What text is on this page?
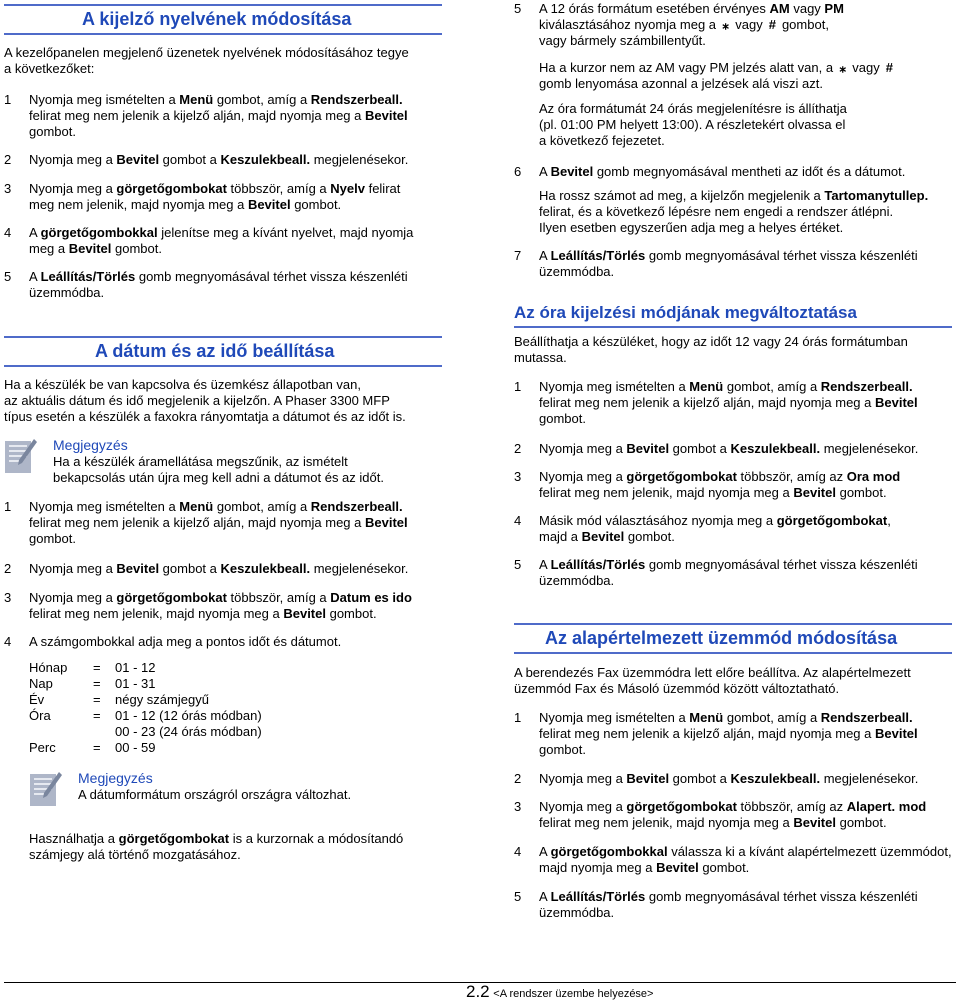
A kijelző nyelvének módosítása

A kezelőpanelen megjelenő üzenetek nyelvének módosításához tegye

a következőket:

1 Nyomja meg ismételten a Menü gombot, amíg a Rendszerbeall.
felirat meg nem jelenik a kijelző alján, majd nyomja meg a Bevitel
gombot.
2 Nyomja meg a Bevitel gombot a Keszulekbeall. megjelenésekor.
3 Nyomja meg a görgetőgombokat többször, amíg a Nyelv felirat
meg nem jelenik, majd nyomja meg a Bevitel gombot.
4 A görgetőgombokkal jelenítse meg a kívánt nyelvet, majd nyomja
meg a Bevitel gombot.
5 A Leállítás/Törlés gomb megnyomásával térhet vissza készenléti
üzemmódba.
A dátum és az idő beállítása

Ha a készülék be van kapcsolva és üzemkész állapotban van,

az aktuális dátum és idő megjelenik a kijelzőn. A Phaser 3300 MFP

típus esetén a készülék a faxokra rányomtatja a dátumot és az időt is.

Megjegyzés
Ha a készülék áramellátása megszűnik, az ismételt
bekapcsolás után újra meg kell adni a dátumot és az időt.
1 Nyomja meg ismételten a Menü gombot, amíg a Rendszerbeall.
felirat meg nem jelenik a kijelző alján, majd nyomja meg a Bevitel
gombot.
2 Nyomja meg a Bevitel gombot a Keszulekbeall. megjelenésekor.
3 Nyomja meg a görgetőgombokat többször, amíg a Datum es ido
felirat meg nem jelenik, majd nyomja meg a Bevitel gombot.
4 A számgombokkal adja meg a pontos időt és dátumot.
Hónap	=	01 - 12
Nap	=	01 - 31
Év	=	négy számjegyű
Óra	=	01 - 12 (12 órás módban)
		00 - 23 (24 órás módban)
Perc	=	00 - 59
Megjegyzés
A dátumformátum országról országra változhat.
Használhatja a görgetőgombokat is a kurzornak a módosítandó
számjegy alá történő mozgatásához.
5 A 12 órás formátum esetében érvényes AM vagy PM
kiválasztásához nyomja meg a ⁎ vagy # gombot,
vagy bármely számbillentyűt.
Ha a kurzor nem az AM vagy PM jelzés alatt van, a ⁎ vagy #
gomb lenyomása azonnal a jelzések alá viszi azt.
Az óra formátumát 24 órás megjelenítésre is állíthatja
(pl. 01:00 PM helyett 13:00). A részletekért olvassa el
a következő fejezetet.
6 A Bevitel gomb megnyomásával mentheti az időt és a dátumot.
Ha rossz számot ad meg, a kijelzőn megjelenik a Tartomanytullep.
felirat, és a következő lépésre nem engedi a rendszer átlépni.
Ilyen esetben egyszerűen adja meg a helyes értéket.
7 A Leállítás/Törlés gomb megnyomásával térhet vissza készenléti
üzemmódba.
Az óra kijelzési módjának megváltoztatása

Beállíthatja a készüléket, hogy az időt 12 vagy 24 órás formátumban

mutassa.

1 Nyomja meg ismételten a Menü gombot, amíg a Rendszerbeall.
felirat meg nem jelenik a kijelző alján, majd nyomja meg a Bevitel
gombot.
2 Nyomja meg a Bevitel gombot a Keszulekbeall. megjelenésekor.
3 Nyomja meg a görgetőgombokat többször, amíg az Ora mod
felirat meg nem jelenik, majd nyomja meg a Bevitel gombot.
4 Másik mód választásához nyomja meg a görgetőgombokat,
majd a Bevitel gombot.
5 A Leállítás/Törlés gomb megnyomásával térhet vissza készenléti
üzemmódba.
Az alapértelmezett üzemmód módosítása

A berendezés Fax üzemmódra lett előre beállítva. Az alapértelmezett

üzemmód Fax és Másoló üzemmód között változtatható.

1 Nyomja meg ismételten a Menü gombot, amíg a Rendszerbeall.
felirat meg nem jelenik a kijelző alján, majd nyomja meg a Bevitel
gombot.
2 Nyomja meg a Bevitel gombot a Keszulekbeall. megjelenésekor.
3 Nyomja meg a görgetőgombokat többször, amíg az Alapert. mod
felirat meg nem jelenik, majd nyomja meg a Bevitel gombot.
4 A görgetőgombokkal válassza ki a kívánt alapértelmezett üzemmódot,
majd nyomja meg a Bevitel gombot.
5 A Leállítás/Törlés gomb megnyomásával térhet vissza készenléti
üzemmódba.
2.2 <A rendszer üzembe helyezése>
